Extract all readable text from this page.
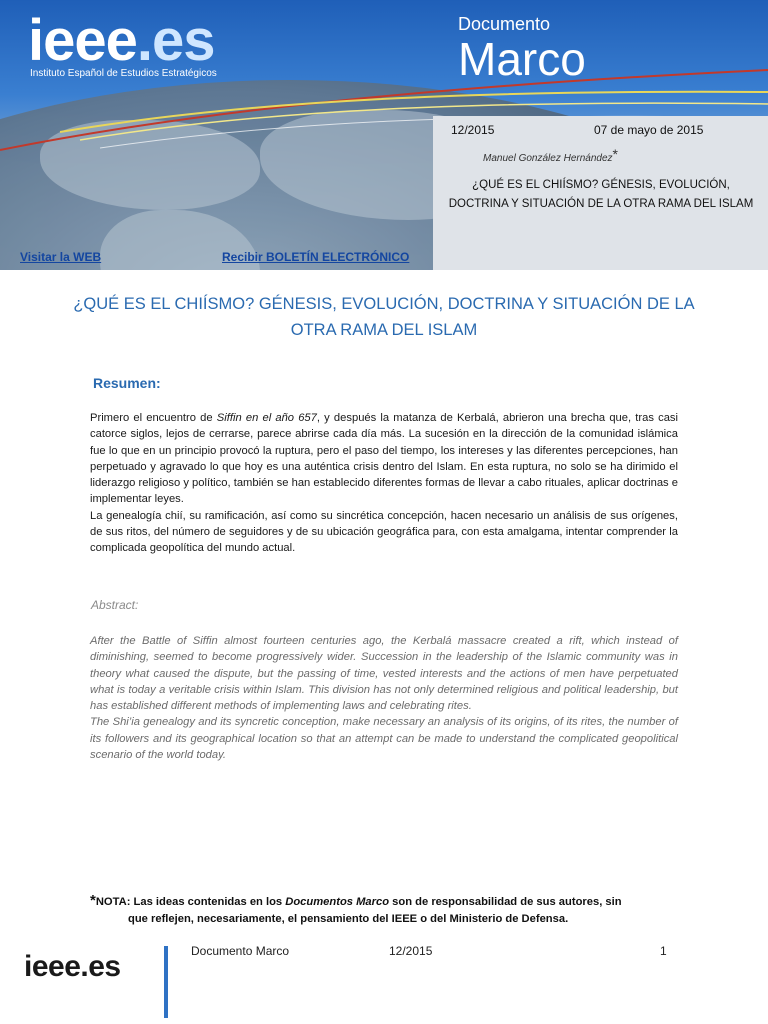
ieee.es
Instituto Español de Estudios Estratégicos
Documento
Marco
12/2015	07 de mayo de 2015
Manuel González Hernández*
¿QUÉ ES EL CHIÍSMO? GÉNESIS, EVOLUCIÓN, DOCTRINA Y SITUACIÓN DE LA OTRA RAMA DEL ISLAM
Visitar la WEB	Recibir BOLETÍN ELECTRÓNICO
¿QUÉ ES EL CHIÍSMO? GÉNESIS, EVOLUCIÓN, DOCTRINA Y SITUACIÓN DE LA OTRA RAMA DEL ISLAM
Resumen:

Primero el encuentro de Siffin en el año 657, y después la matanza de Kerbalá, abrieron una brecha que, tras casi catorce siglos, lejos de cerrarse, parece abrirse cada día más. La sucesión en la dirección de la comunidad islámica fue lo que en un principio provocó la ruptura, pero el paso del tiempo, los intereses y las diferentes percepciones, han perpetuado y agravado lo que hoy es una auténtica crisis dentro del Islam. En esta ruptura, no solo se ha dirimido el liderazgo religioso y político, también se han establecido diferentes formas de llevar a cabo rituales, aplicar doctrinas e implementar leyes.

La genealogía chií, su ramificación, así como su sincrética concepción, hacen necesario un análisis de sus orígenes, de sus ritos, del número de seguidores y de su ubicación geográfica para, con esta amalgama, intentar comprender la complicada geopolítica del mundo actual.

Abstract:

After the Battle of Siffin almost fourteen centuries ago, the Kerbalá massacre created a rift, which instead of diminishing, seemed to become progressively wider. Succession in the leadership of the Islamic community was in theory what caused the dispute, but the passing of time, vested interests and the actions of men have perpetuated what is today a veritable crisis within Islam. This division has not only determined religious and political leadership, but has established different methods of implementing laws and celebrating rites.

The Shi’ia genealogy and its syncretic conception, make necessary an analysis of its origins, of its rites, the number of its followers and its geographical location so that an attempt can be made to understand the complicated geopolitical scenario of the world today.

*NOTA: Las ideas contenidas en los Documentos Marco son de responsabilidad de sus autores, sin
que reflejen, necesariamente, el pensamiento del IEEE o del Ministerio de Defensa.
ieee.es	Documento Marco	12/2015	1
